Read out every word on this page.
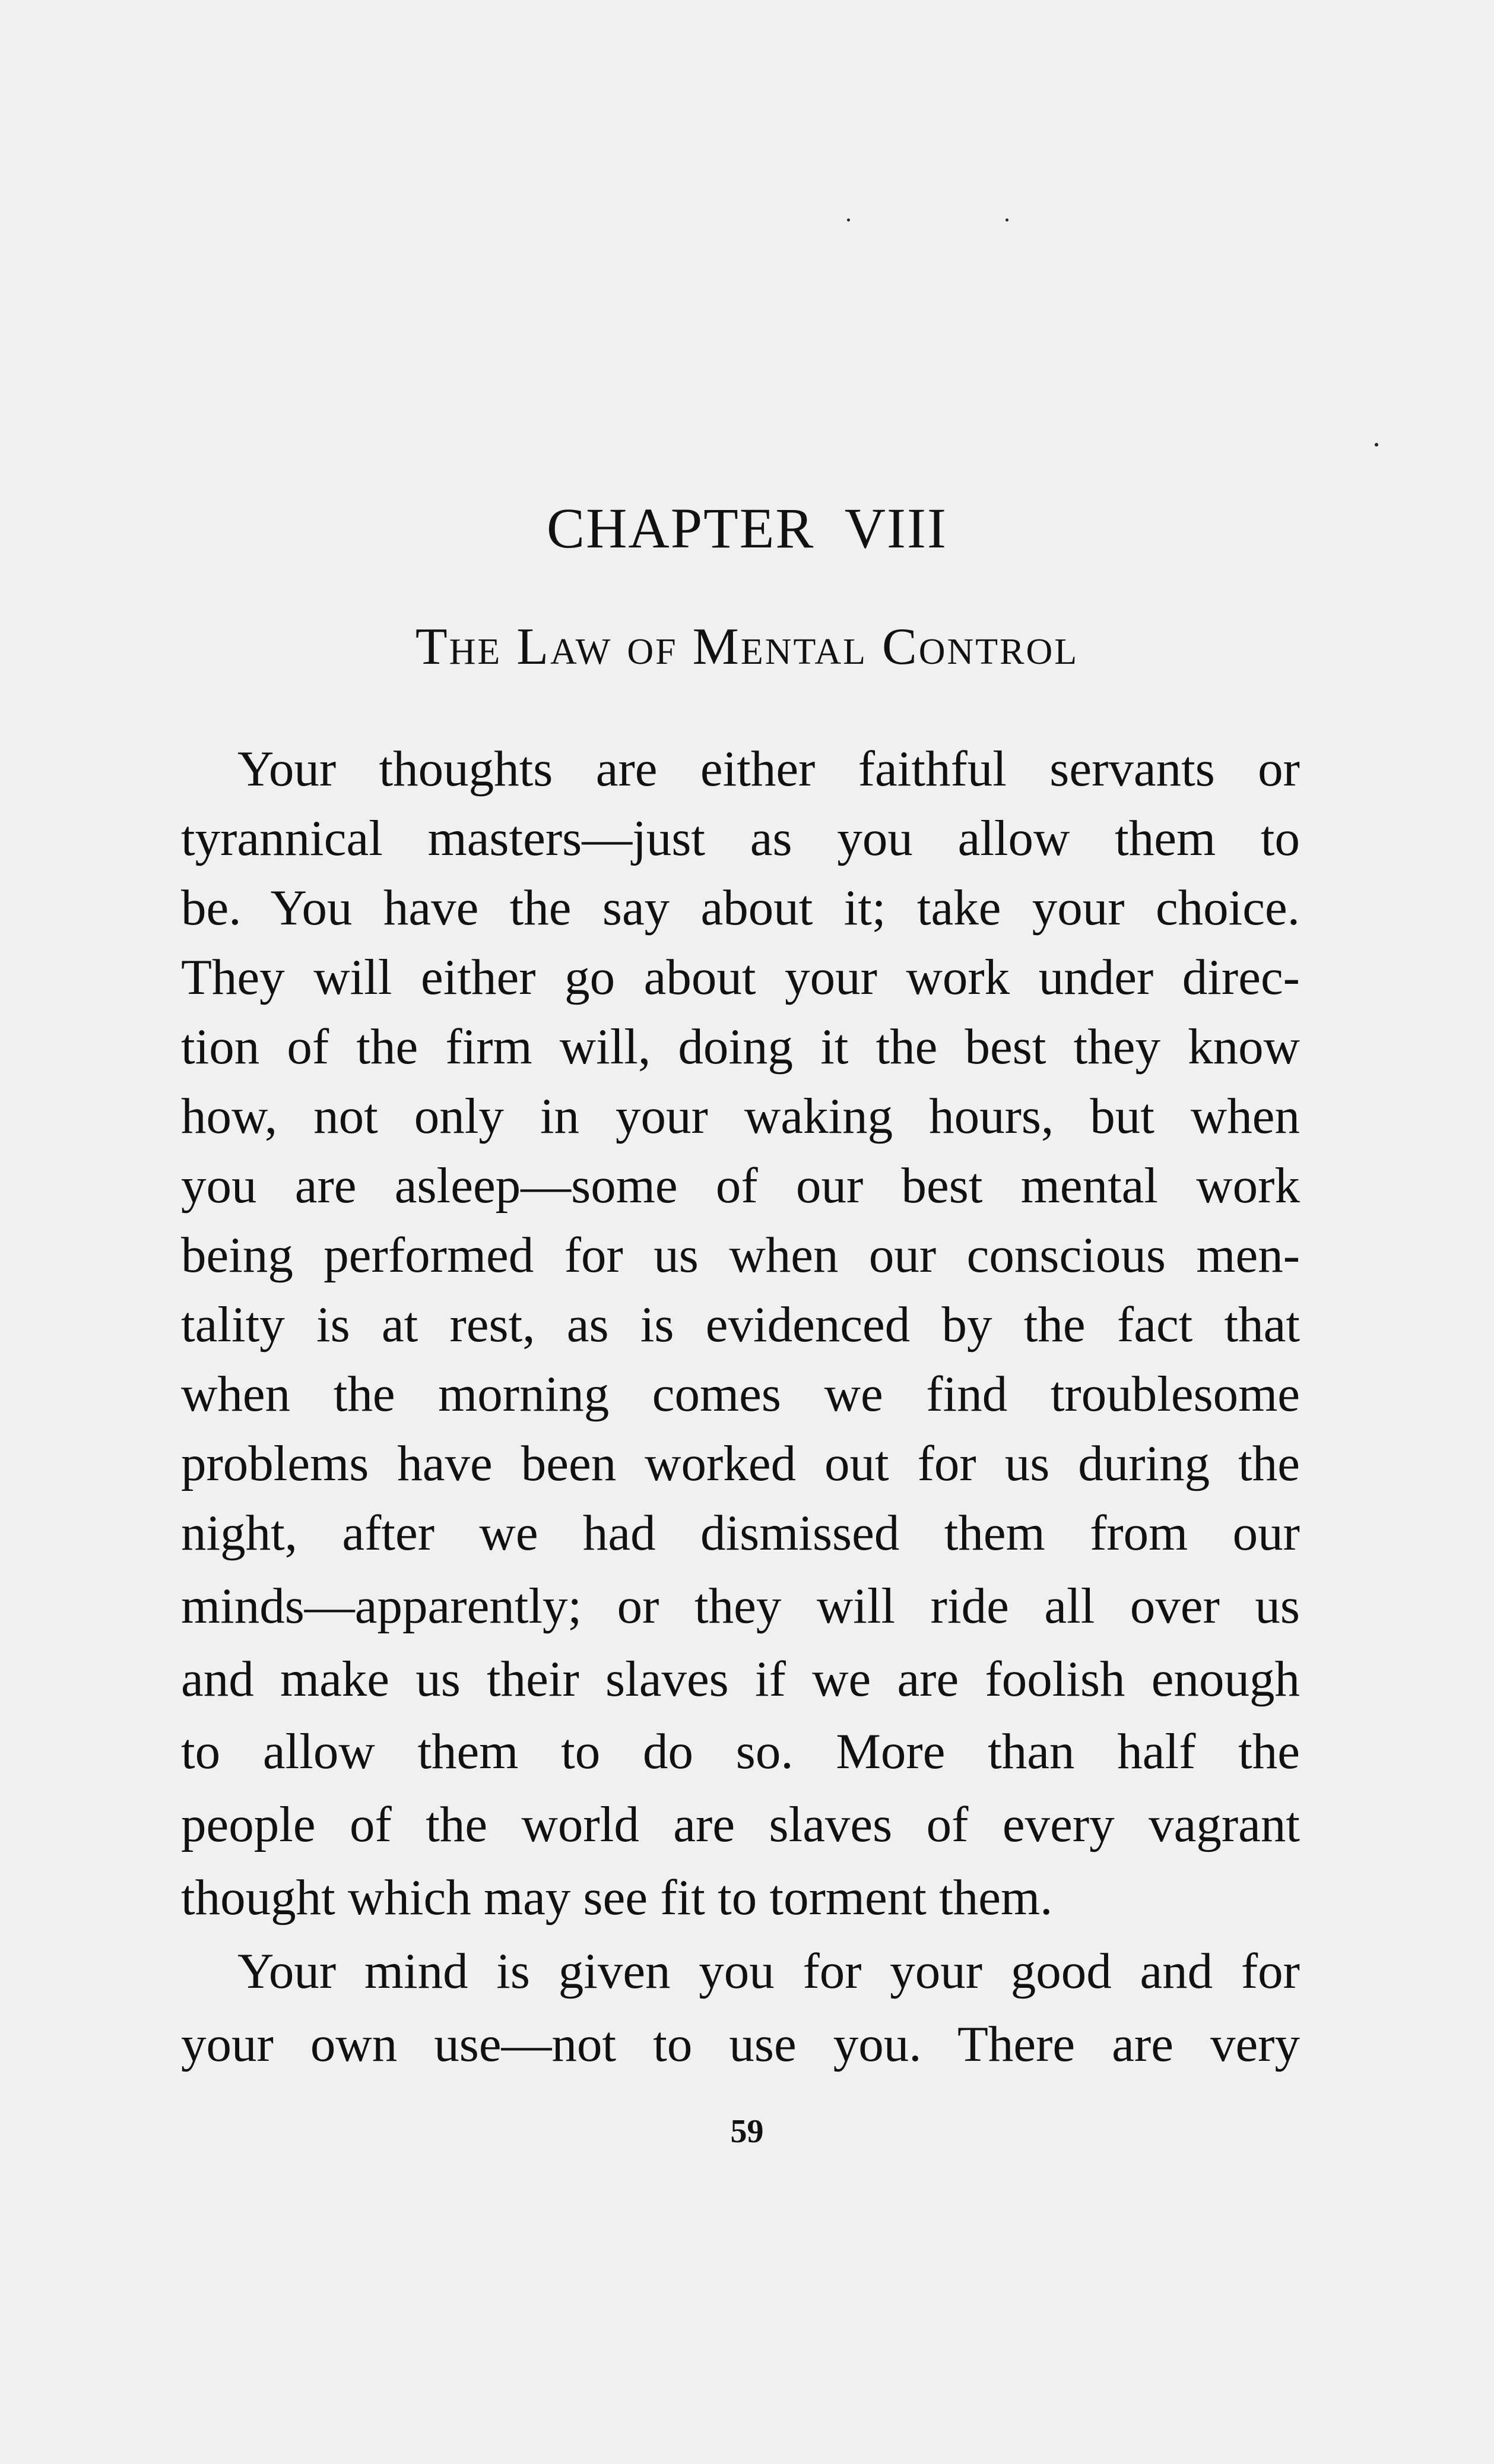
CHAPTER  VIII
The Law of Mental Control
Your thoughts are either faithful servants or
tyrannical masters—just as you allow them to
be. You have the say about it; take your choice.
They will either go about your work under direc-
tion of the firm will, doing it the best they know
how, not only in your waking hours, but when
you are asleep—some of our best mental work
being performed for us when our conscious men-
tality is at rest, as is evidenced by the fact that
when the morning comes we find troublesome
problems have been worked out for us during the
night, after we had dismissed them from our
minds—apparently; or they will ride all over us
and make us their slaves if we are foolish enough
to allow them to do so. More than half the
people of the world are slaves of every vagrant
thought which may see fit to torment them.
Your mind is given you for your good and for
your own use—not to use you. There are very
59
